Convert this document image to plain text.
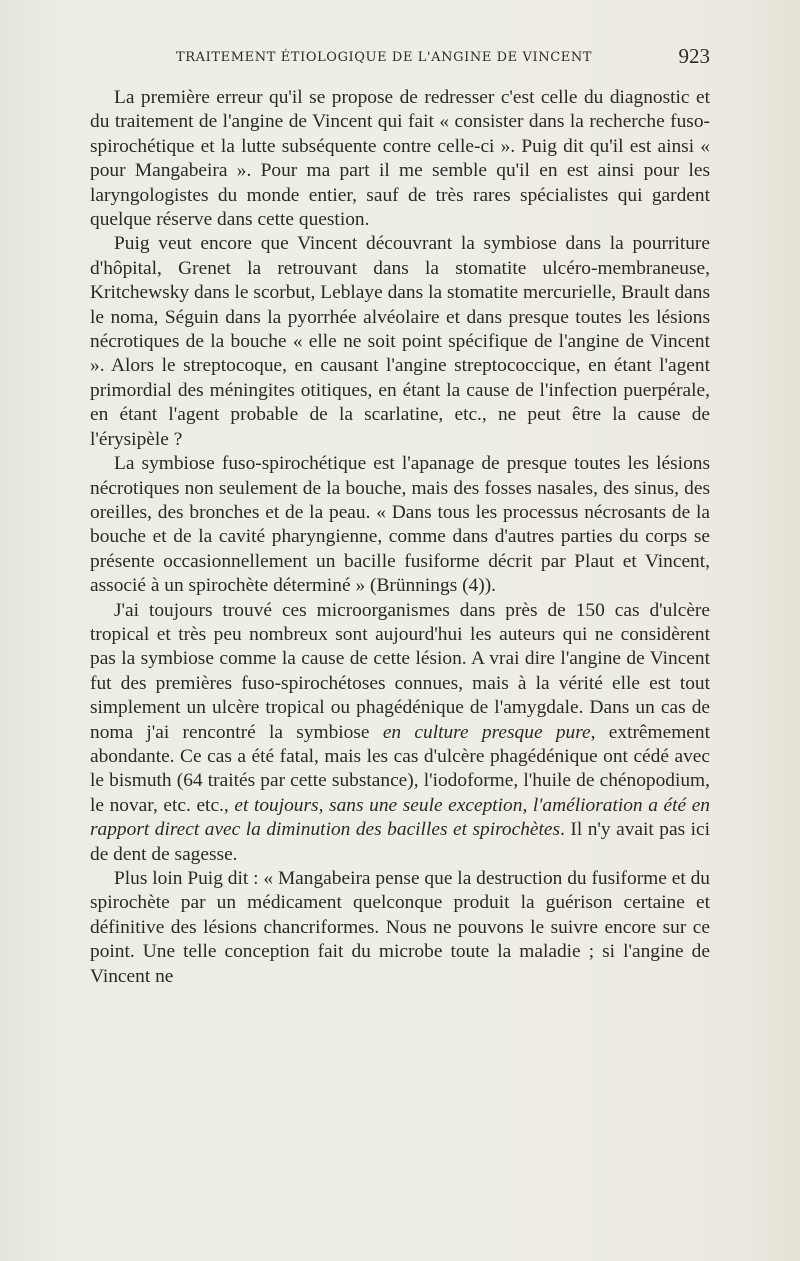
TRAITEMENT ÉTIOLOGIQUE DE L'ANGINE DE VINCENT	923

La première erreur qu'il se propose de redresser c'est celle du diagnostic et du traitement de l'angine de Vincent qui fait « consister dans la recherche fuso-spirochétique et la lutte subséquente contre celle-ci ». Puig dit qu'il est ainsi « pour Mangabeira ». Pour ma part il me semble qu'il en est ainsi pour les laryngologistes du monde entier, sauf de très rares spécialistes qui gardent quelque réserve dans cette question.

Puig veut encore que Vincent découvrant la symbiose dans la pourriture d'hôpital, Grenet la retrouvant dans la stomatite ulcéro-membraneuse, Kritchewsky dans le scorbut, Leblaye dans la stomatite mercurielle, Brault dans le noma, Séguin dans la pyorrhée alvéolaire et dans presque toutes les lésions nécrotiques de la bouche « elle ne soit point spécifique de l'angine de Vincent ». Alors le streptocoque, en causant l'angine streptococcique, en étant l'agent primordial des méningites otitiques, en étant la cause de l'infection puerpérale, en étant l'agent probable de la scarlatine, etc., ne peut être la cause de l'érysipèle ?

La symbiose fuso-spirochétique est l'apanage de presque toutes les lésions nécrotiques non seulement de la bouche, mais des fosses nasales, des sinus, des oreilles, des bronches et de la peau. « Dans tous les processus nécrosants de la bouche et de la cavité pharyngienne, comme dans d'autres parties du corps se présente occasionnellement un bacille fusiforme décrit par Plaut et Vincent, associé à un spirochète déterminé » (Brünnings (4)).

J'ai toujours trouvé ces microorganismes dans près de 150 cas d'ulcère tropical et très peu nombreux sont aujourd'hui les auteurs qui ne considèrent pas la symbiose comme la cause de cette lésion. A vrai dire l'angine de Vincent fut des premières fuso-spirochétoses connues, mais à la vérité elle est tout simplement un ulcère tropical ou phagédénique de l'amygdale. Dans un cas de noma j'ai rencontré la symbiose en culture presque pure, extrêmement abondante. Ce cas a été fatal, mais les cas d'ulcère phagédénique ont cédé avec le bismuth (64 traités par cette substance), l'iodoforme, l'huile de chénopodium, le novar, etc. etc., et toujours, sans une seule exception, l'amélioration a été en rapport direct avec la diminution des bacilles et spirochètes. Il n'y avait pas ici de dent de sagesse.

Plus loin Puig dit : « Mangabeira pense que la destruction du fusiforme et du spirochète par un médicament quelconque produit la guérison certaine et définitive des lésions chancriformes. Nous ne pouvons le suivre encore sur ce point. Une telle conception fait du microbe toute la maladie ; si l'angine de Vincent ne
